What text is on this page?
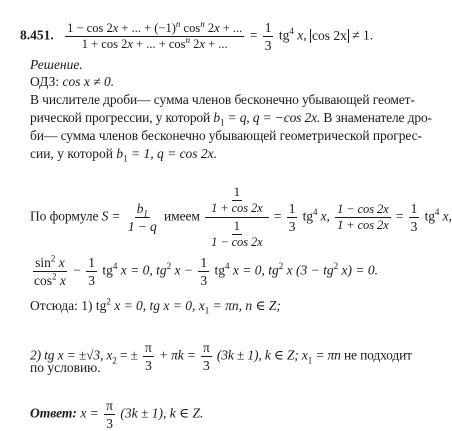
8.451. $\frac{1 - \cos 2x + ... + (-1)^n \cos^n 2x + ...}{1 + \cos 2x + ... + \cos^n 2x + ...} = \frac{1}{3} tg^4$ x, cos 2x ≠ 1.
Решение.
ОДЗ: cos x ≠ 0.
В числителе дроби— сумма членов бесконечно убывающей геомет-
рической прогрессии, у которой $b_1 = q$, q = −cos 2x. В знаменателе дро-
би— сумма членов бесконечно убывающей геометрической прогрес-
сии, у которой $b_1 = 1$, q = cos 2x.
По формуле $S = \frac{b_1}{1 - q}$ имеем $\frac{\frac{1}{1 + \cos 2x}}{\frac{1}{1 - \cos 2x}} = \frac{1}{3} tg^4$ x, $\frac{1 - \cos 2x}{1 + \cos 2x} = \frac{1}{3} tg^4$ x,
$\frac{\sin^2 x}{\cos^2 x} - \frac{1}{3} tg^4$ x = 0, $tg^2$ $x - \frac{1}{3} tg^4$ x = 0, $tg^2$ x ($3 - tg^2$ x) = 0.
Отсюда: 1) $tg^2$ x = 0, tg x = 0, $x_1 = \pi n$, n ∈ Z;
2) tg x = ±√3, $x_2$ = ± $\frac{\pi}{3} + \pi k = \frac{\pi}{3} (3k \pm 1)$, k ∈ Z; $x_1 = \pi n$ не подходит
по условию.
Ответ: $x = \frac{\pi}{3} (3k \pm 1)$, k ∈ Z.
